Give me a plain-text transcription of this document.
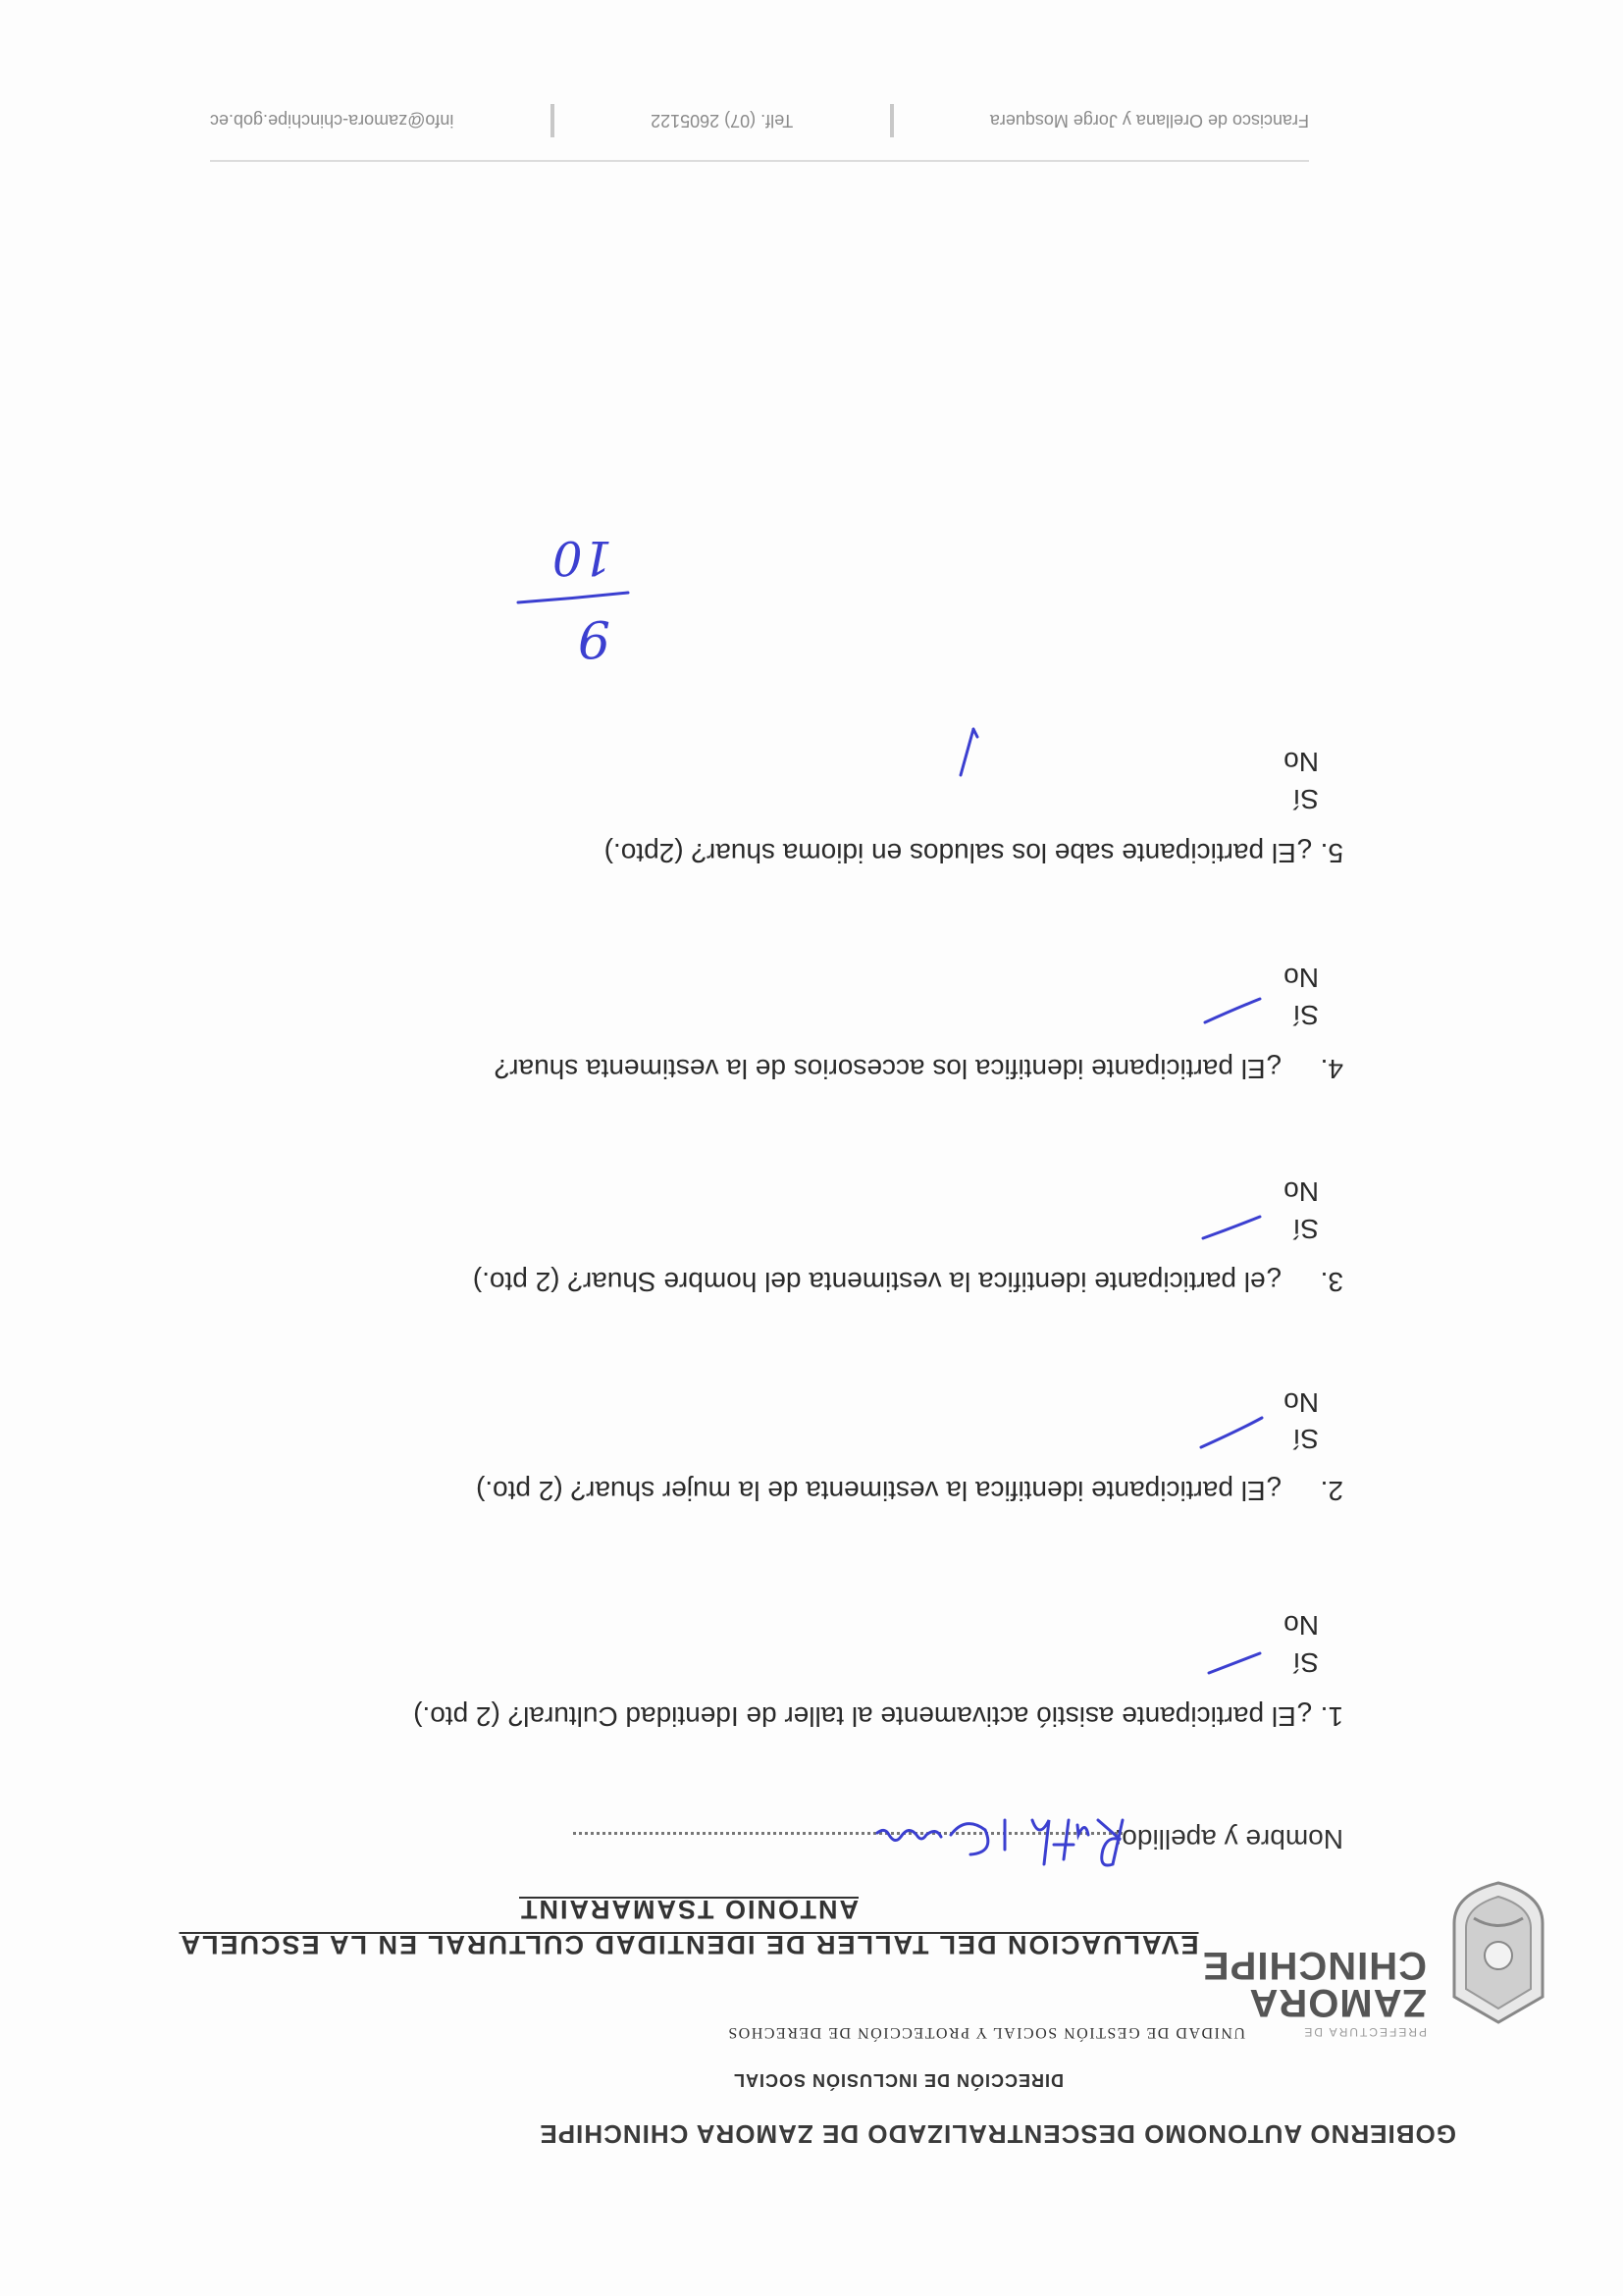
GOBIERNO AUTONOMO DESCENTRALIZADO DE ZAMORA CHINCHIPE
PREFECTURA DE
ZAMORA
CHINCHIPE
DIRECCIÓN DE INCLUSIÓN SOCIAL
UNIDAD DE GESTIÓN SOCIAL Y PROTECCIÓN DE DERECHOS
EVALUACION DEL TALLER DE IDENTIDAD CULTURAL EN LA ESCUELA ANTONIO TSAMARAINT
Nombre y apellido:
1. ¿El participante asistió activamente al taller de Identidad Cultural? (2 pto.)
Sí
No
2.     ¿El participante identifica la vestimenta de la mujer shuar? (2 pto.)
Sí
No
3.     ¿el participante identifica la vestimenta del hombre Shuar? (2 pto.)
Sí
No
4.     ¿El participante identifica los accesorios de la vestimenta shuar?
Sí
No
5. ¿El participante sabe los saludos en idioma shuar? (2pto.)
Sí
No
9
10
Francisco de Orellana y Jorge Mosquera
Telf. (07) 2605122
info@zamora-chinchipe.gob.ec
